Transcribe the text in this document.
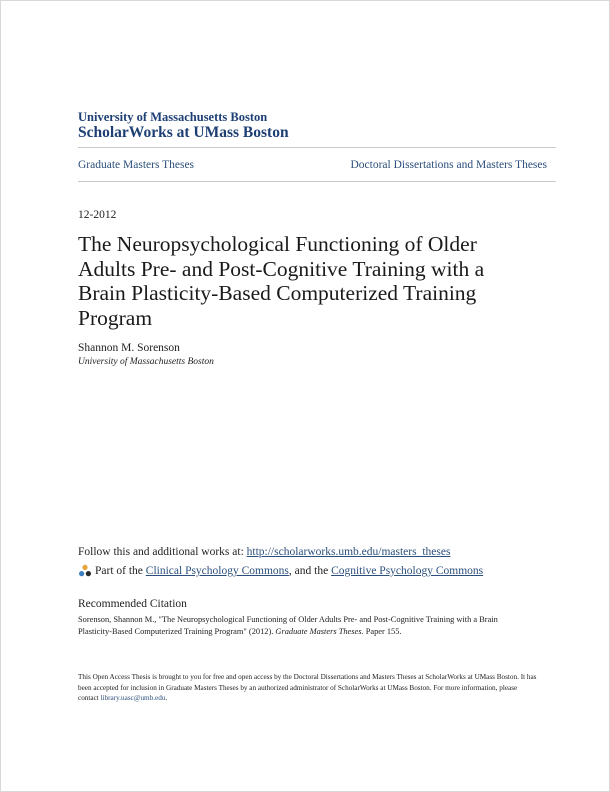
University of Massachusetts Boston
ScholarWorks at UMass Boston
Graduate Masters Theses	Doctoral Dissertations and Masters Theses
12-2012
The Neuropsychological Functioning of Older Adults Pre- and Post-Cognitive Training with a Brain Plasticity-Based Computerized Training Program
Shannon M. Sorenson
University of Massachusetts Boston
Follow this and additional works at: http://scholarworks.umb.edu/masters_theses
Part of the
Clinical Psychology Commons , and the
Cognitive Psychology Commons
Recommended Citation
Sorenson, Shannon M., "The Neuropsychological Functioning of Older Adults Pre- and Post-Cognitive Training with a Brain Plasticity-Based Computerized Training Program" (2012). Graduate Masters Theses. Paper 155.
This Open Access Thesis is brought to you for free and open access by the Doctoral Dissertations and Masters Theses at ScholarWorks at UMass Boston. It has been accepted for inclusion in Graduate Masters Theses by an authorized administrator of ScholarWorks at UMass Boston. For more information, please contact library.uasc@umb.edu.
